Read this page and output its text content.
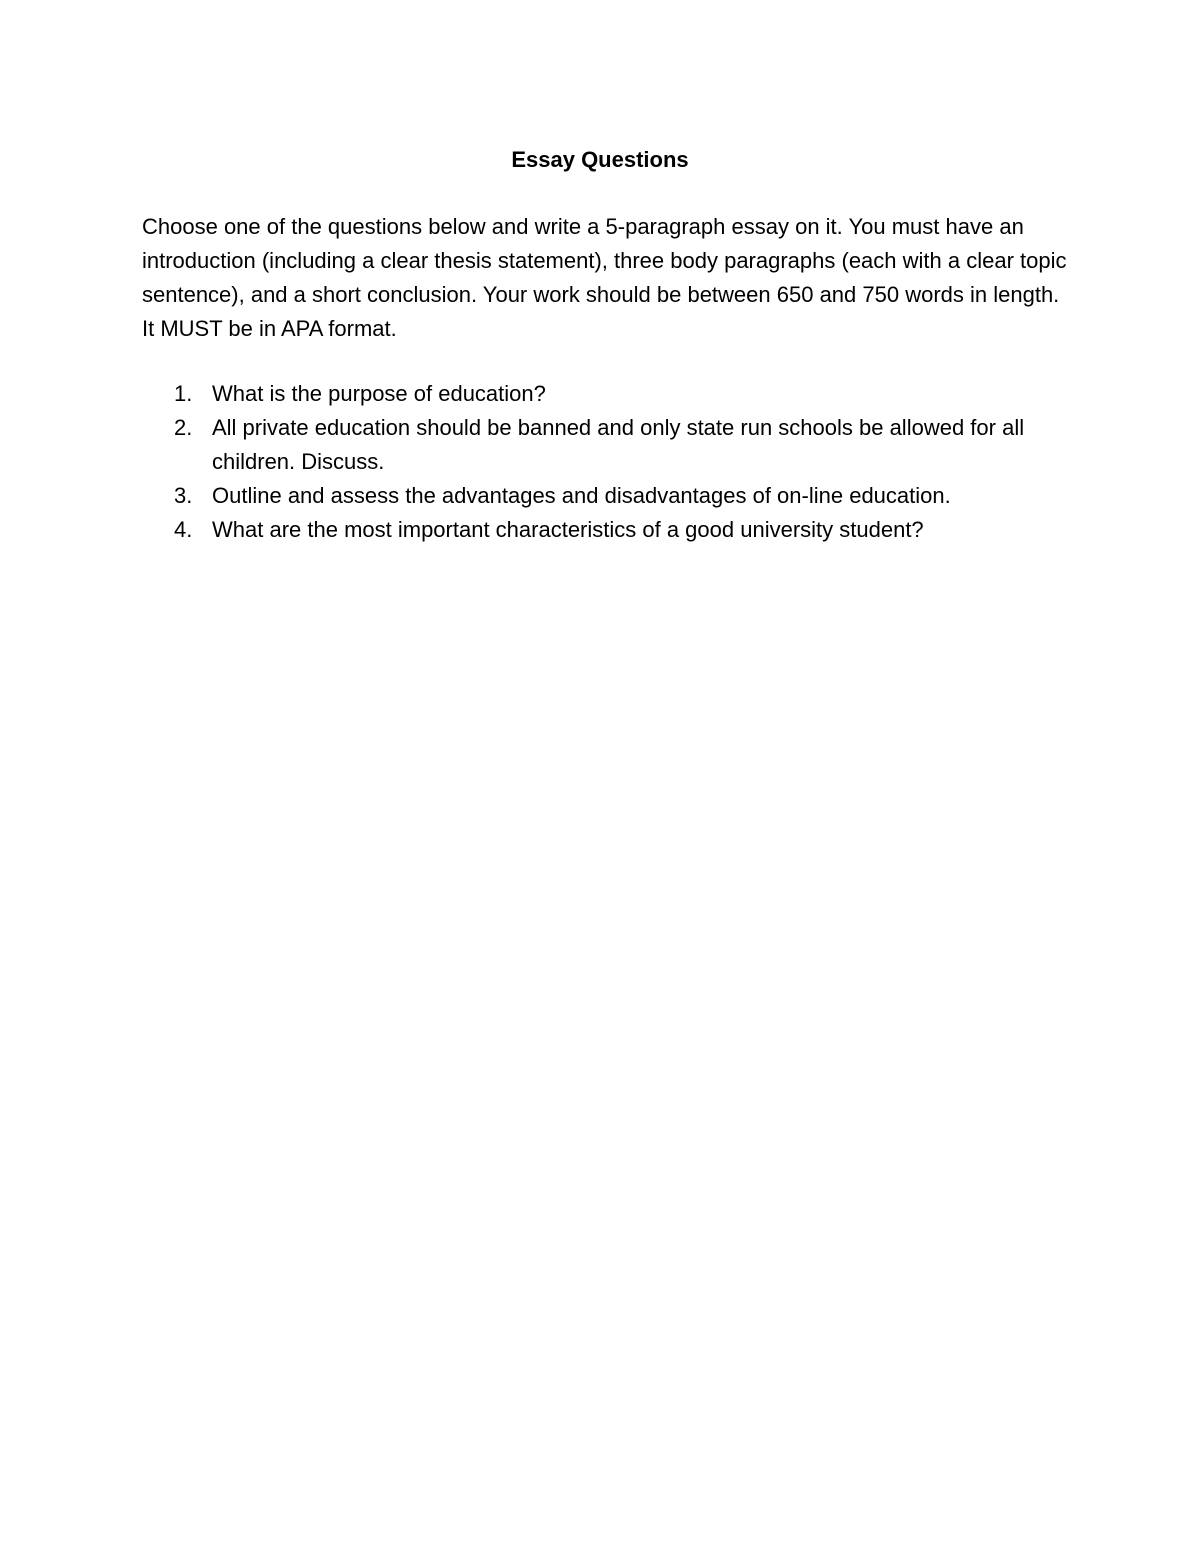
Essay Questions

Choose one of the questions below and write a 5-paragraph essay on it. You must have an introduction (including a clear thesis statement), three body paragraphs (each with a clear topic sentence), and a short conclusion. Your work should be between 650 and 750 words in length. It MUST be in APA format.

1. What is the purpose of education?
2. All private education should be banned and only state run schools be allowed for all children. Discuss.
3. Outline and assess the advantages and disadvantages of on-line education.
4. What are the most important characteristics of a good university student?
